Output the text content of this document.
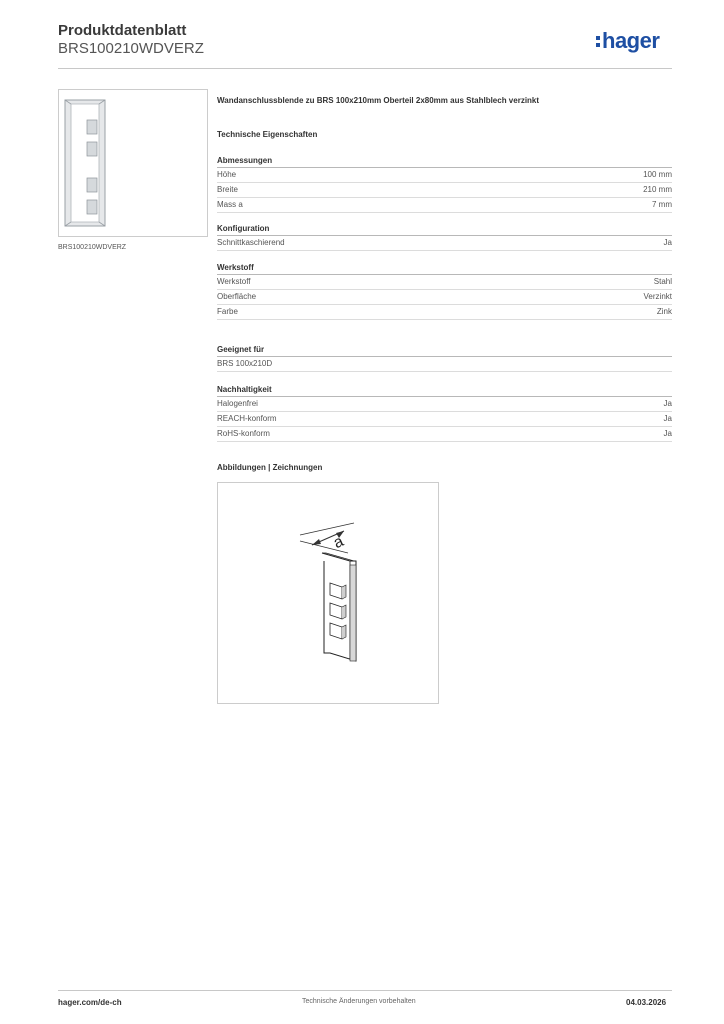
Produktdatenblatt
BRS100210WDVERZ	hager
BRS100210WDVERZ
Wandanschlussblende zu BRS 100x210mm Oberteil 2x80mm aus Stahlblech verzinkt
Technische Eigenschaften
Abmessungen
Höhe	100 mm
Breite	210 mm
Mass a	7 mm
Konfiguration
Schnittkaschierend	Ja
Werkstoff
Werkstoff	Stahl
Oberfläche	Verzinkt
Farbe	Zink
Geeignet für
BRS 100x210D
Nachhaltigkeit
Halogenfrei	Ja
REACH-konform	Ja
RoHS-konform	Ja
Abbildungen | Zeichnungen
a
hager.com/de-ch	Technische Änderungen vorbehalten	04.03.2026
